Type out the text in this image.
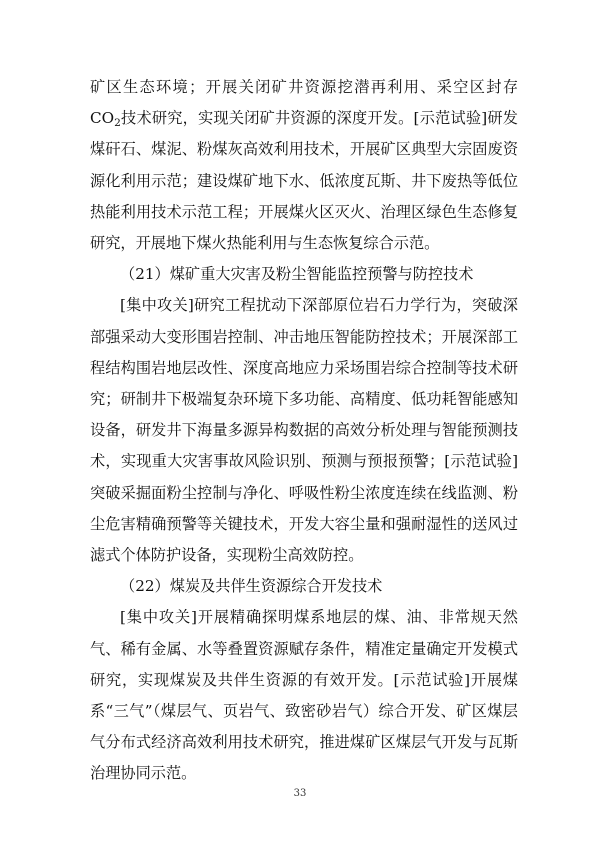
矿区生态环境；开展关闭矿井资源挖潜再利用、采空区封存 $CO_2$技术研究，实现关闭矿井资源的深度开发。[示范试验]研发煤矸石、煤泥、粉煤灰高效利用技术，开展矿区典型大宗固废资源化利用示范；建设煤矿地下水、低浓度瓦斯、井下废热等低位热能利用技术示范工程；开展煤火区灭火、治理区绿色生态修复研究，开展地下煤火热能利用与生态恢复综合示范。

（21）煤矿重大灾害及粉尘智能监控预警与防控技术

[集中攻关]研究工程扰动下深部原位岩石力学行为，突破深部强采动大变形围岩控制、冲击地压智能防控技术；开展深部工程结构围岩地层改性、深度高地应力采场围岩综合控制等技术研究；研制井下极端复杂环境下多功能、高精度、低功耗智能感知设备，研发井下海量多源异构数据的高效分析处理与智能预测技术，实现重大灾害事故风险识别、预测与预报预警；[示范试验]突破采掘面粉尘控制与净化、呼吸性粉尘浓度连续在线监测、粉尘危害精确预警等关键技术，开发大容尘量和强耐湿性的送风过滤式个体防护设备，实现粉尘高效防控。

（22）煤炭及共伴生资源综合开发技术

[集中攻关]开展精确探明煤系地层的煤、油、非常规天然气、稀有金属、水等叠置资源赋存条件，精准定量确定开发模式研究，实现煤炭及共伴生资源的有效开发。[示范试验]开展煤系“三气”（煤层气、页岩气、致密砂岩气）综合开发、矿区煤层气分布式经济高效利用技术研究，推进煤矿区煤层气开发与瓦斯治理协同示范。

33
